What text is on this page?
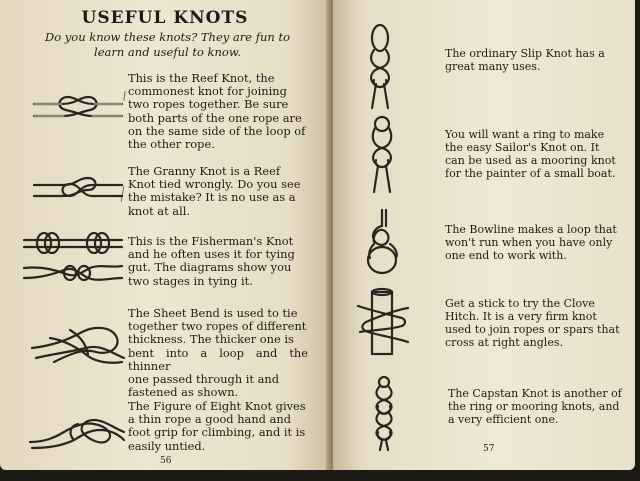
USEFUL KNOTS
Do you know these knots? They are fun to
learn and useful to know.
This is the Reef Knot, the
commonest knot for joining
two ropes together. Be sure
both parts of the one rope are
on the same side of the loop of
the other rope.
The Granny Knot is a Reef
Knot tied wrongly. Do you see
the mistake? It is no use as a
knot at all.
This is the Fisherman's Knot
and he often uses it for tying
gut. The diagrams show you
two stages in tying it.
The Sheet Bend is used to tie
together two ropes of different
thickness. The thicker one is
bent into a loop and the thinner
one passed through it and
fastened as shown.
The Figure of Eight Knot gives
a thin rope a good hand and
foot grip for climbing, and it is
easily untied.
56
The ordinary Slip Knot has a
great many uses.
You will want a ring to make
the easy Sailor's Knot on. It
can be used as a mooring knot
for the painter of a small boat.
The Bowline makes a loop that
won't run when you have only
one end to work with.
Get a stick to try the Clove
Hitch. It is a very firm knot
used to join ropes or spars that
cross at right angles.
The Capstan Knot is another of
the ring or mooring knots, and
a very efficient one.
57
